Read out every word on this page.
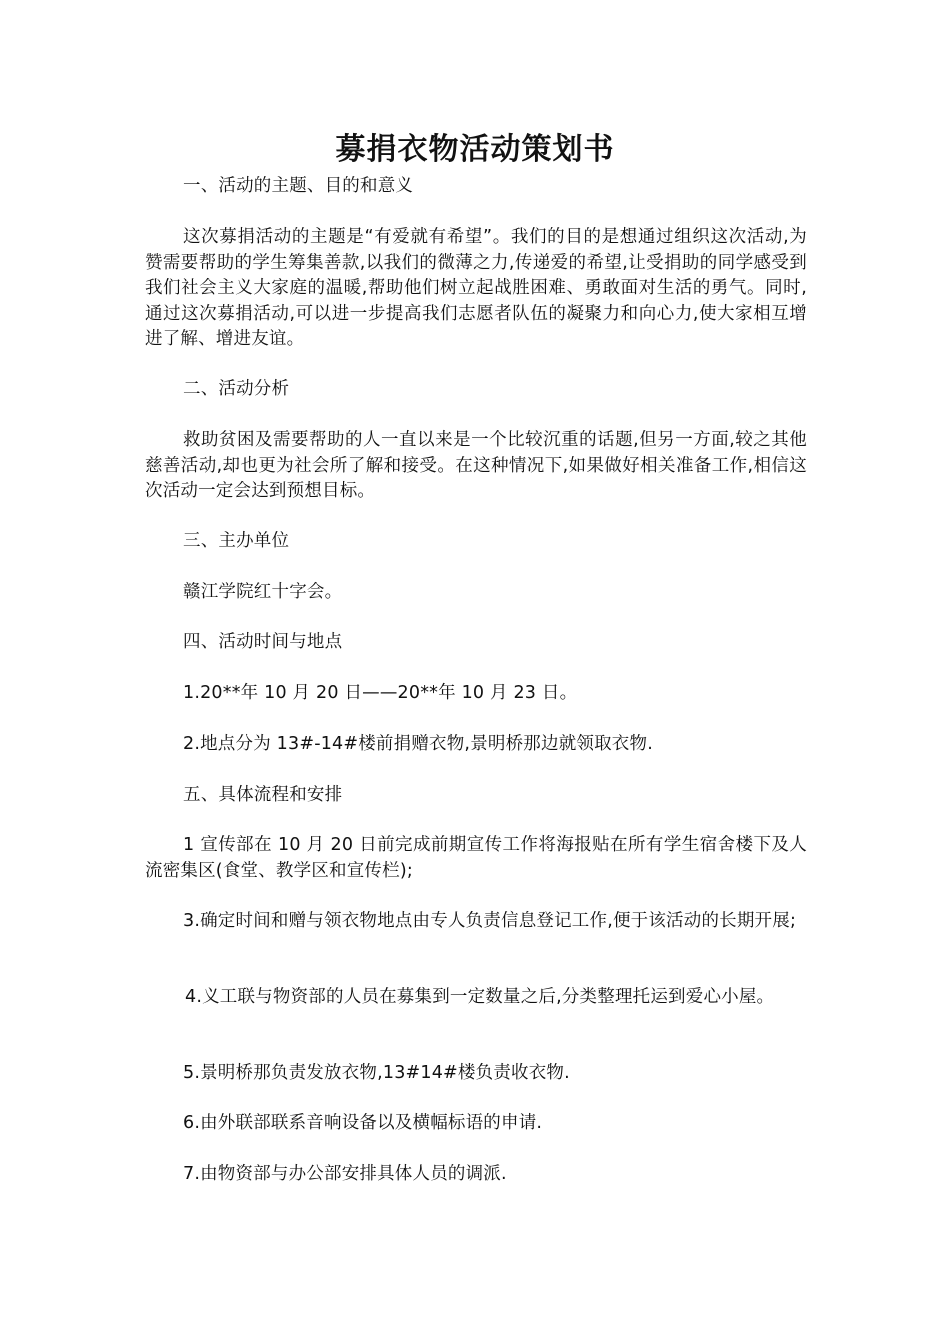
募捐衣物活动策划书

一、活动的主题、目的和意义

这次募捐活动的主题是“有爱就有希望”。我们的目的是想通过组织这次活动,为赞需要帮助的学生筹集善款,以我们的微薄之力,传递爱的希望,让受捐助的同学感受到我们社会主义大家庭的温暖,帮助他们树立起战胜困难、勇敢面对生活的勇气。同时,通过这次募捐活动,可以进一步提高我们志愿者队伍的凝聚力和向心力,使大家相互增进了解、增进友谊。

二、活动分析

救助贫困及需要帮助的人一直以来是一个比较沉重的话题,但另一方面,较之其他慈善活动,却也更为社会所了解和接受。在这种情况下,如果做好相关准备工作,相信这次活动一定会达到预想目标。

三、主办单位

赣江学院红十字会。

四、活动时间与地点

1.20**年 10 月 20 日——20**年 10 月 23 日。

2.地点分为 13#-14#楼前捐赠衣物,景明桥那边就领取衣物.

五、具体流程和安排

1 宣传部在 10 月 20 日前完成前期宣传工作将海报贴在所有学生宿舍楼下及人流密集区(食堂、教学区和宣传栏);

3.确定时间和赠与领衣物地点由专人负责信息登记工作,便于该活动的长期开展;

4.义工联与物资部的人员在募集到一定数量之后,分类整理托运到爱心小屋。

5.景明桥那负责发放衣物,13#14#楼负责收衣物.

6.由外联部联系音响设备以及横幅标语的申请.

7.由物资部与办公部安排具体人员的调派.
